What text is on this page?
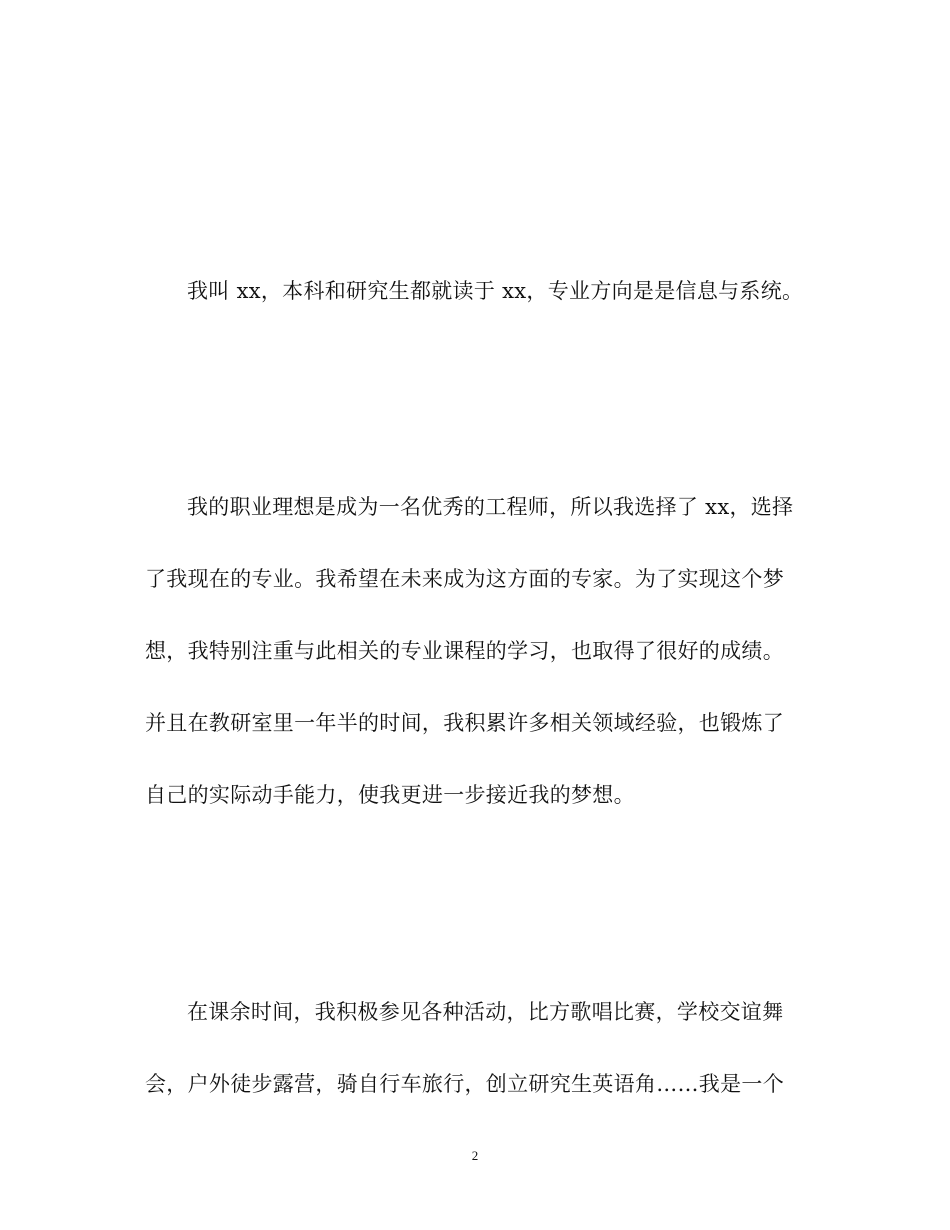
我叫 xx，本科和研究生都就读于 xx，专业方向是是信息与系统。
我的职业理想是成为一名优秀的工程师，所以我选择了 xx，选择
了我现在的专业。我希望在未来成为这方面的专家。为了实现这个梦
想，我特别注重与此相关的专业课程的学习，也取得了很好的成绩。
并且在教研室里一年半的时间，我积累许多相关领域经验，也锻炼了
自己的实际动手能力，使我更进一步接近我的梦想。
在课余时间，我积极参见各种活动，比方歌唱比赛，学校交谊舞
会，户外徒步露营，骑自行车旅行，创立研究生英语角……我是一个
2
